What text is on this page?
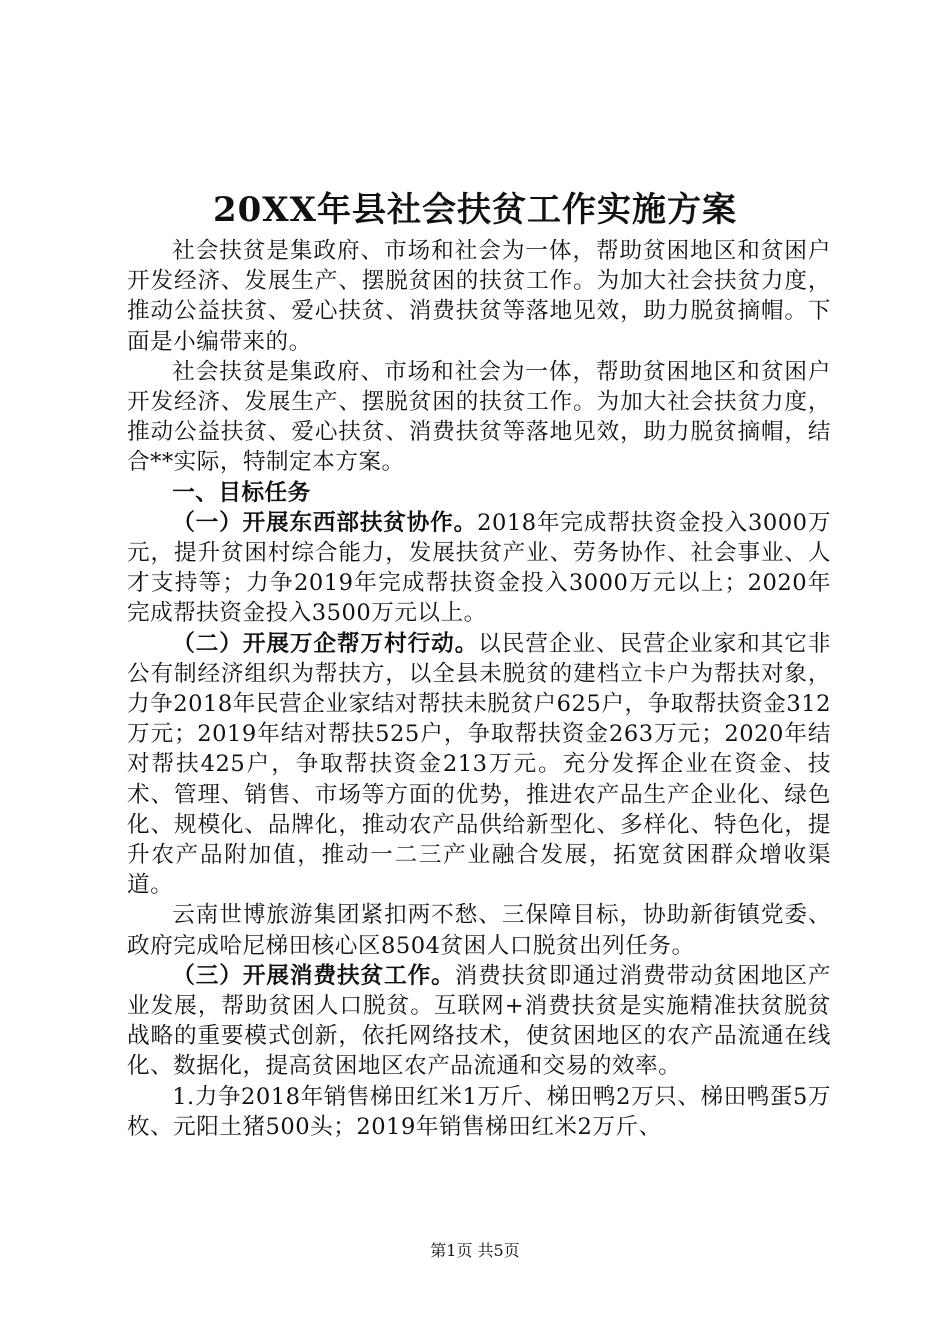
20XX年县社会扶贫工作实施方案

社会扶贫是集政府、市场和社会为一体，帮助贫困地区和贫困户开发经济、发展生产、摆脱贫困的扶贫工作。为加大社会扶贫力度，推动公益扶贫、爱心扶贫、消费扶贫等落地见效，助力脱贫摘帽。下面是小编带来的。

社会扶贫是集政府、市场和社会为一体，帮助贫困地区和贫困户开发经济、发展生产、摆脱贫困的扶贫工作。为加大社会扶贫力度，推动公益扶贫、爱心扶贫、消费扶贫等落地见效，助力脱贫摘帽，结合**实际，特制定本方案。

一、目标任务

（一）开展东西部扶贫协作。2018年完成帮扶资金投入3000万元，提升贫困村综合能力，发展扶贫产业、劳务协作、社会事业、人才支持等；力争2019年完成帮扶资金投入3000万元以上；2020年完成帮扶资金投入3500万元以上。

（二）开展万企帮万村行动。以民营企业、民营企业家和其它非公有制经济组织为帮扶方，以全县未脱贫的建档立卡户为帮扶对象，力争2018年民营企业家结对帮扶未脱贫户625户，争取帮扶资金312万元；2019年结对帮扶525户，争取帮扶资金263万元；2020年结对帮扶425户，争取帮扶资金213万元。充分发挥企业在资金、技术、管理、销售、市场等方面的优势，推进农产品生产企业化、绿色化、规模化、品牌化，推动农产品供给新型化、多样化、特色化，提升农产品附加值，推动一二三产业融合发展，拓宽贫困群众增收渠道。

云南世博旅游集团紧扣两不愁、三保障目标，协助新街镇党委、政府完成哈尼梯田核心区8504贫困人口脱贫出列任务。

（三）开展消费扶贫工作。消费扶贫即通过消费带动贫困地区产业发展，帮助贫困人口脱贫。互联网+消费扶贫是实施精准扶贫脱贫战略的重要模式创新，依托网络技术，使贫困地区的农产品流通在线化、数据化，提高贫困地区农产品流通和交易的效率。

1.力争2018年销售梯田红米1万斤、梯田鸭2万只、梯田鸭蛋5万枚、元阳土猪500头；2019年销售梯田红米2万斤、

第1页 共5页
